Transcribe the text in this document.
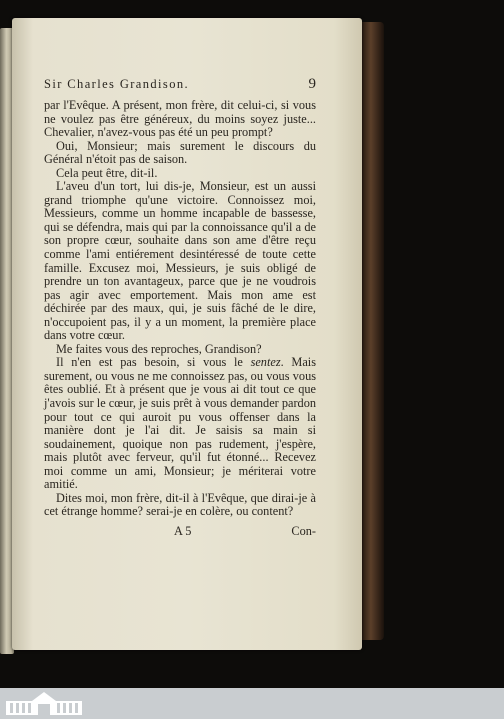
Sir Charles Grandison.	9

par l'Evêque. A présent, mon frère, dit celui-ci, si vous ne voulez pas être généreux, du moins soyez juste... Chevalier, n'avez-vous pas été un peu prompt?

Oui, Monsieur; mais surement le discours du Général n'étoit pas de saison.

Cela peut être, dit-il.

L'aveu d'un tort, lui dis-je, Monsieur, est un aussi grand triomphe qu'une victoire. Connoissez moi, Messieurs, comme un homme incapable de bassesse, qui se défendra, mais qui par la connoissance qu'il a de son propre cœur, souhaite dans son ame d'être reçu comme l'ami entiérement desintéressé de toute cette famille. Excusez moi, Messieurs, je suis obligé de prendre un ton avantageux, parce que je ne voudrois pas agir avec emportement. Mais mon ame est déchirée par des maux, qui, je suis fâché de le dire, n'occupoient pas, il y a un moment, la première place dans votre cœur.

Me faites vous des reproches, Grandison?

Il n'en est pas besoin, si vous le sentez. Mais surement, ou vous ne me connoissez pas, ou vous vous êtes oublié. Et à présent que je vous ai dit tout ce que j'avois sur le cœur, je suis prêt à vous demander pardon pour tout ce qui auroit pu vous offenser dans la manière dont je l'ai dit. Je saisis sa main si soudainement, quoique non pas rudement, j'espère, mais plutôt avec ferveur, qu'il fut étonné... Recevez moi comme un ami, Monsieur; je mériterai votre amitié.

Dites moi, mon frère, dit-il à l'Evêque, que dirai-je à cet étrange homme? serai-je en colère, ou content?

A 5	Con-
